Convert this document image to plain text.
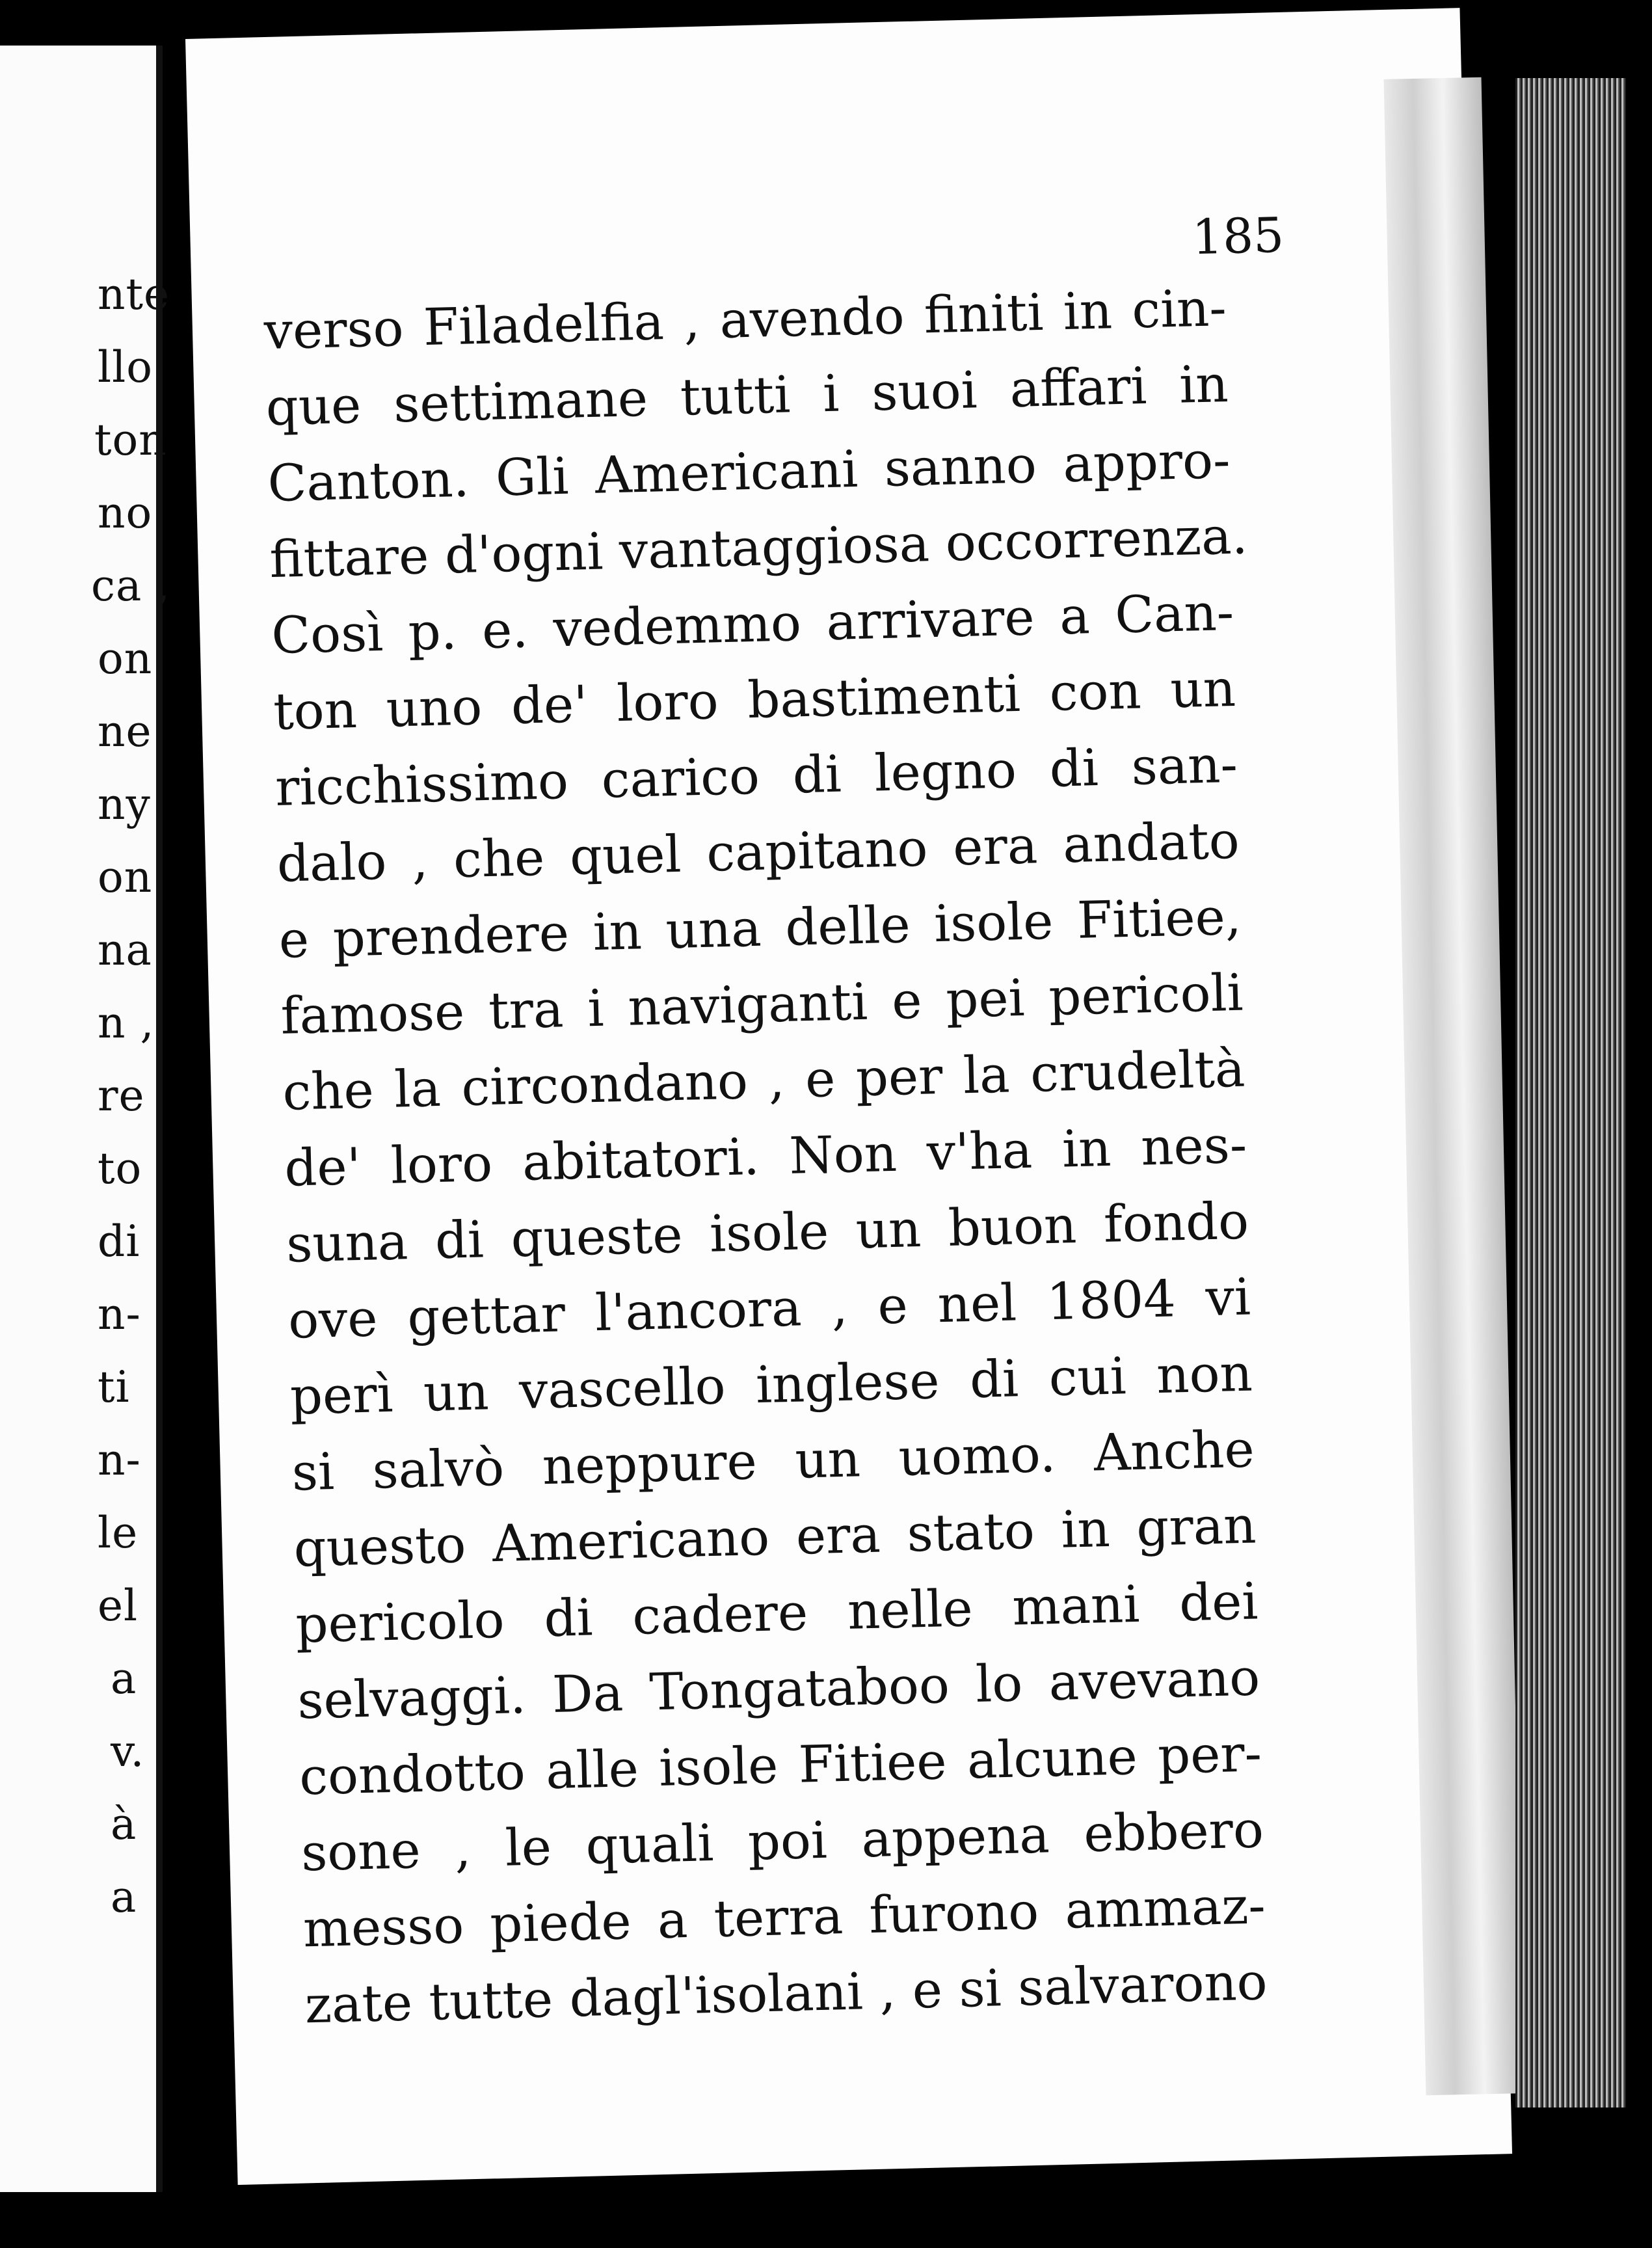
nte
llo
ton
no
ca ,
on
ne
ny
on
na
n ,
re
to
di
n-
ti
n-
le
el
a
v.
à
a
185
verso Filadelfia , avendo finiti in cin-
que settimane tutti i suoi affari in
Canton. Gli Americani sanno appro-
fittare d'ogni vantaggiosa occorrenza.
Così p. e. vedemmo arrivare a Can-
ton uno de' loro bastimenti con un
ricchissimo carico di legno di san-
dalo , che quel capitano era andato
e prendere in una delle isole Fitiee,
famose tra i naviganti e pei pericoli
che la circondano , e per la crudeltà
de' loro abitatori. Non v'ha in nes-
suna di queste isole un buon fondo
ove gettar l'ancora , e nel 1804 vi
perì un vascello inglese di cui non
si salvò neppure un uomo. Anche
questo Americano era stato in gran
pericolo di cadere nelle mani dei
selvaggi. Da Tongataboo lo avevano
condotto alle isole Fitiee alcune per-
sone , le quali poi appena ebbero
messo piede a terra furono ammaz-
zate tutte dagl'isolani , e si salvarono
